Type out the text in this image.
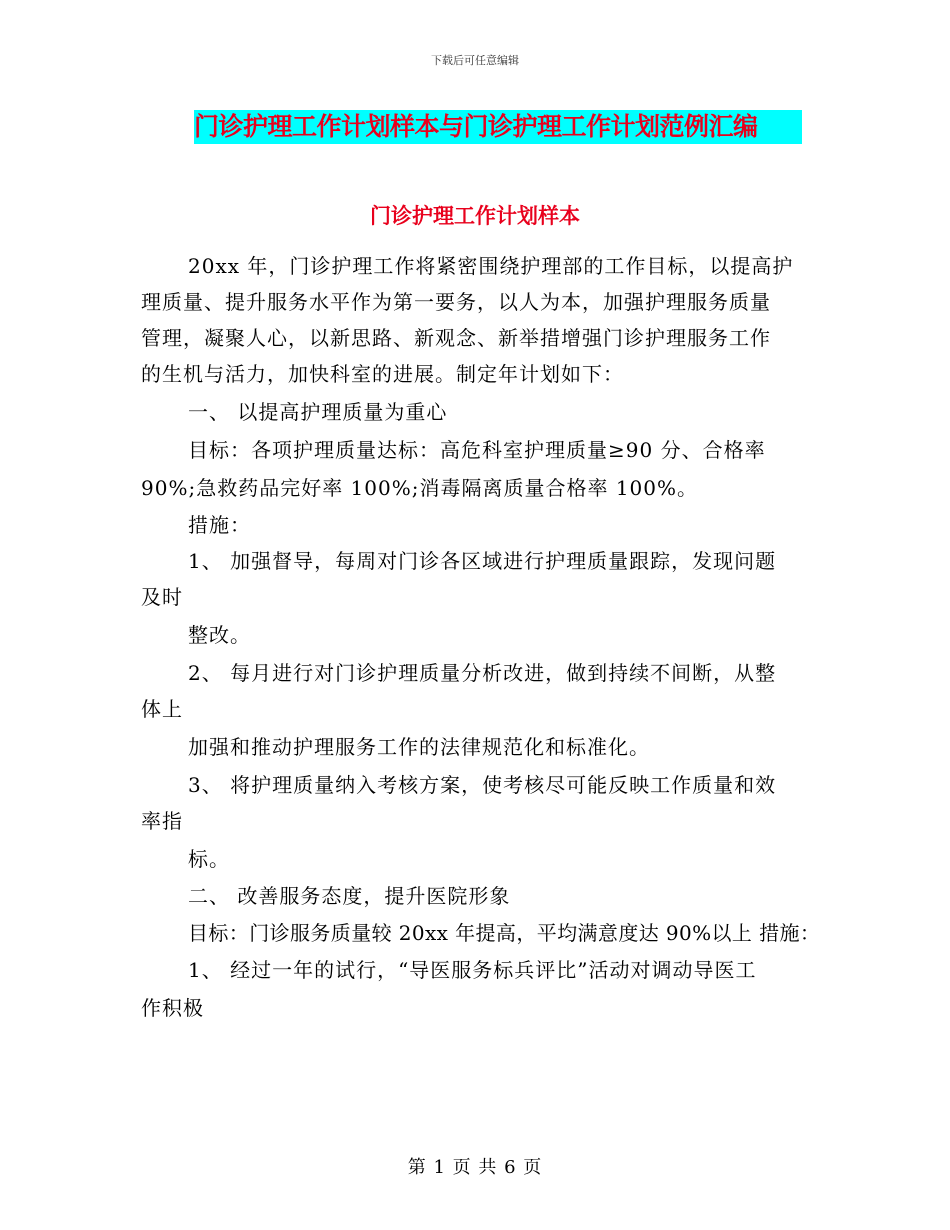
下载后可任意编辑
门诊护理工作计划样本与门诊护理工作计划范例汇编
门诊护理工作计划样本
20xx 年，门诊护理工作将紧密围绕护理部的工作目标，以提高护
理质量、提升服务水平作为第一要务，以人为本，加强护理服务质量
管理，凝聚人心，以新思路、新观念、新举措增强门诊护理服务工作
的生机与活力，加快科室的进展。制定年计划如下：
一、 以提高护理质量为重心
目标：各项护理质量达标：高危科室护理质量≥90 分、合格率
90%;急救药品完好率 100%;消毒隔离质量合格率 100%。
措施：
1、 加强督导，每周对门诊各区域进行护理质量跟踪，发现问题
及时
整改。
2、 每月进行对门诊护理质量分析改进，做到持续不间断，从整
体上
加强和推动护理服务工作的法律规范化和标准化。
3、 将护理质量纳入考核方案，使考核尽可能反映工作质量和效
率指
标。
二、 改善服务态度，提升医院形象
目标：门诊服务质量较 20xx 年提高，平均满意度达 90%以上 措施：
1、 经过一年的试行，“导医服务标兵评比”活动对调动导医工
作积极
第 1 页 共 6 页
